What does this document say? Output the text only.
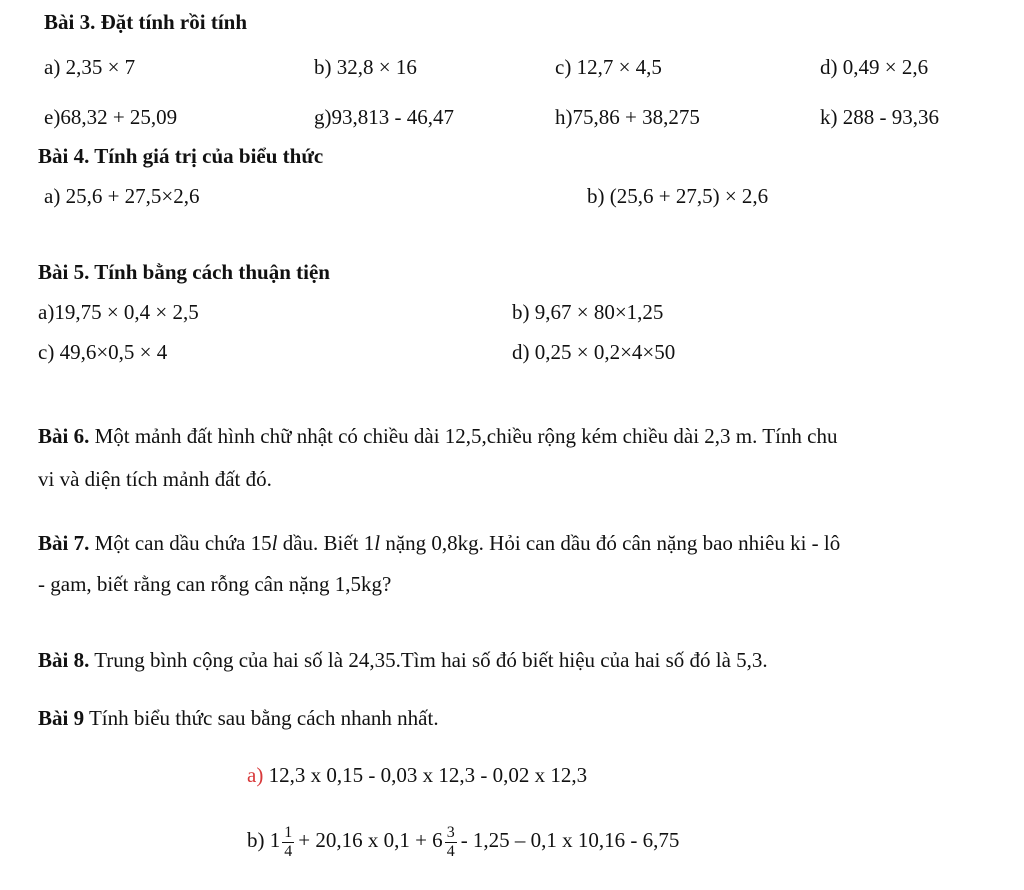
Bài 3. Đặt tính rồi tính
a) 2,35 × 7	b) 32,8 × 16	c) 12,7 × 4,5	d) 0,49 × 2,6
e)68,32 + 25,09	g)93,813 - 46,47	h)75,86 + 38,275	k) 288 - 93,36
Bài 4. Tính giá trị của biểu thức
a) 25,6 + 27,5×2,6	b) (25,6 + 27,5) × 2,6
Bài 5. Tính bằng cách thuận tiện
a)19,75 × 0,4 × 2,5	b) 9,67 × 80×1,25
c) 49,6×0,5 × 4	d) 0,25 × 0,2×4×50
Bài 6. Một mảnh đất hình chữ nhật có chiều dài 12,5,chiều rộng kém chiều dài 2,3 m. Tính chu
vi và diện tích mảnh đất đó.
Bài 7. Một can dầu chứa 15l dầu. Biết 1l nặng 0,8kg. Hỏi can dầu đó cân nặng bao nhiêu ki - lô
- gam, biết rằng can rỗng cân nặng 1,5kg?
Bài 8. Trung bình cộng của hai số là 24,35.Tìm hai số đó biết hiệu của hai số đó là 5,3.
Bài 9 Tính biểu thức sau bằng cách nhanh nhất.
a) 12,3 x 0,15 - 0,03 x 12,3 - 0,02 x 12,3
b) $1 \frac{1}{4} + 20,16$ x $0,1 + 6 \frac{3}{4} - 1,25 - 0,1$ x 10,16 - 6,75
